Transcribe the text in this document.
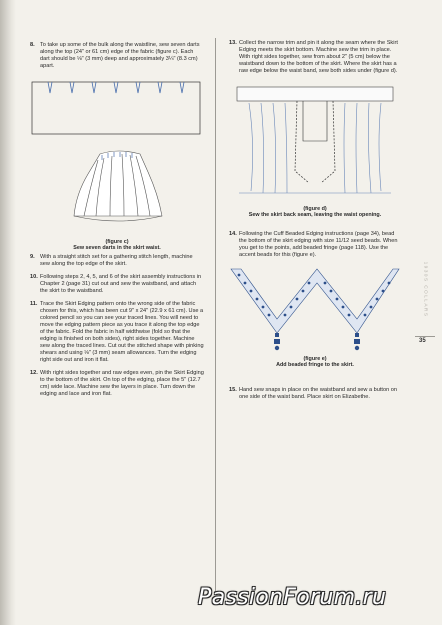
8. To take up some of the bulk along the waistline, sew seven darts along the top (24" or 61 cm) edge of the fabric (figure c). Each dart should be ⅛" (3 mm) deep and approximately 3¼" (8.3 cm) apart.
(figure c)
Sew seven darts in the skirt waist.
9. With a straight stitch set for a gathering stitch length, machine sew along the top edge of the skirt.
10. Following steps 2, 4, 5, and 6 of the skirt assembly instructions in Chapter 2 (page 31) cut out and sew the waistband, and attach the skirt to the waistband.
11. Trace the Skirt Edging pattern onto the wrong side of the fabric chosen for this, which has been cut 9" x 24" (22.9 x 61 cm). Use a colored pencil so you can see your traced lines. You will need to move the edging pattern piece as you trace it along the top edge of the fabric. Fold the fabric in half widthwise (fold so that the edging is finished on both sides), right sides together. Machine sew along the traced lines. Cut out the stitched shape with pinking shears and using ⅛" (3 mm) seam allowances. Turn the edging right side out and iron it flat.
12. With right sides together and raw edges even, pin the Skirt Edging to the bottom of the skirt. On top of the edging, place the 5" (12.7 cm) wide lace. Machine sew the layers in place. Turn down the edging and lace and iron flat.
13. Collect the narrow trim and pin it along the seam where the Skirt Edging meets the skirt bottom. Machine sew the trim in place. With right sides together, sew from about 2" (5 cm) below the waistband down to the bottom of the skirt. Where the skirt has a raw edge below the waist band, sew both sides under (figure d).
(figure d)
Sew the skirt back seam, leaving the waist opening.
14. Following the Cuff Beaded Edging instructions (page 34), bead the bottom of the skirt edging with size 11/12 seed beads. When you get to the points, add beaded fringe (page 118). Use the accent beads for this (figure e).
(figure e)
Add beaded fringe to the skirt.
15. Hand sew snaps in place on the waistband and sew a button on one side of the waist band. Place skirt on Elizabethe.
1930S COLLARS
35
PassionForum.ru
